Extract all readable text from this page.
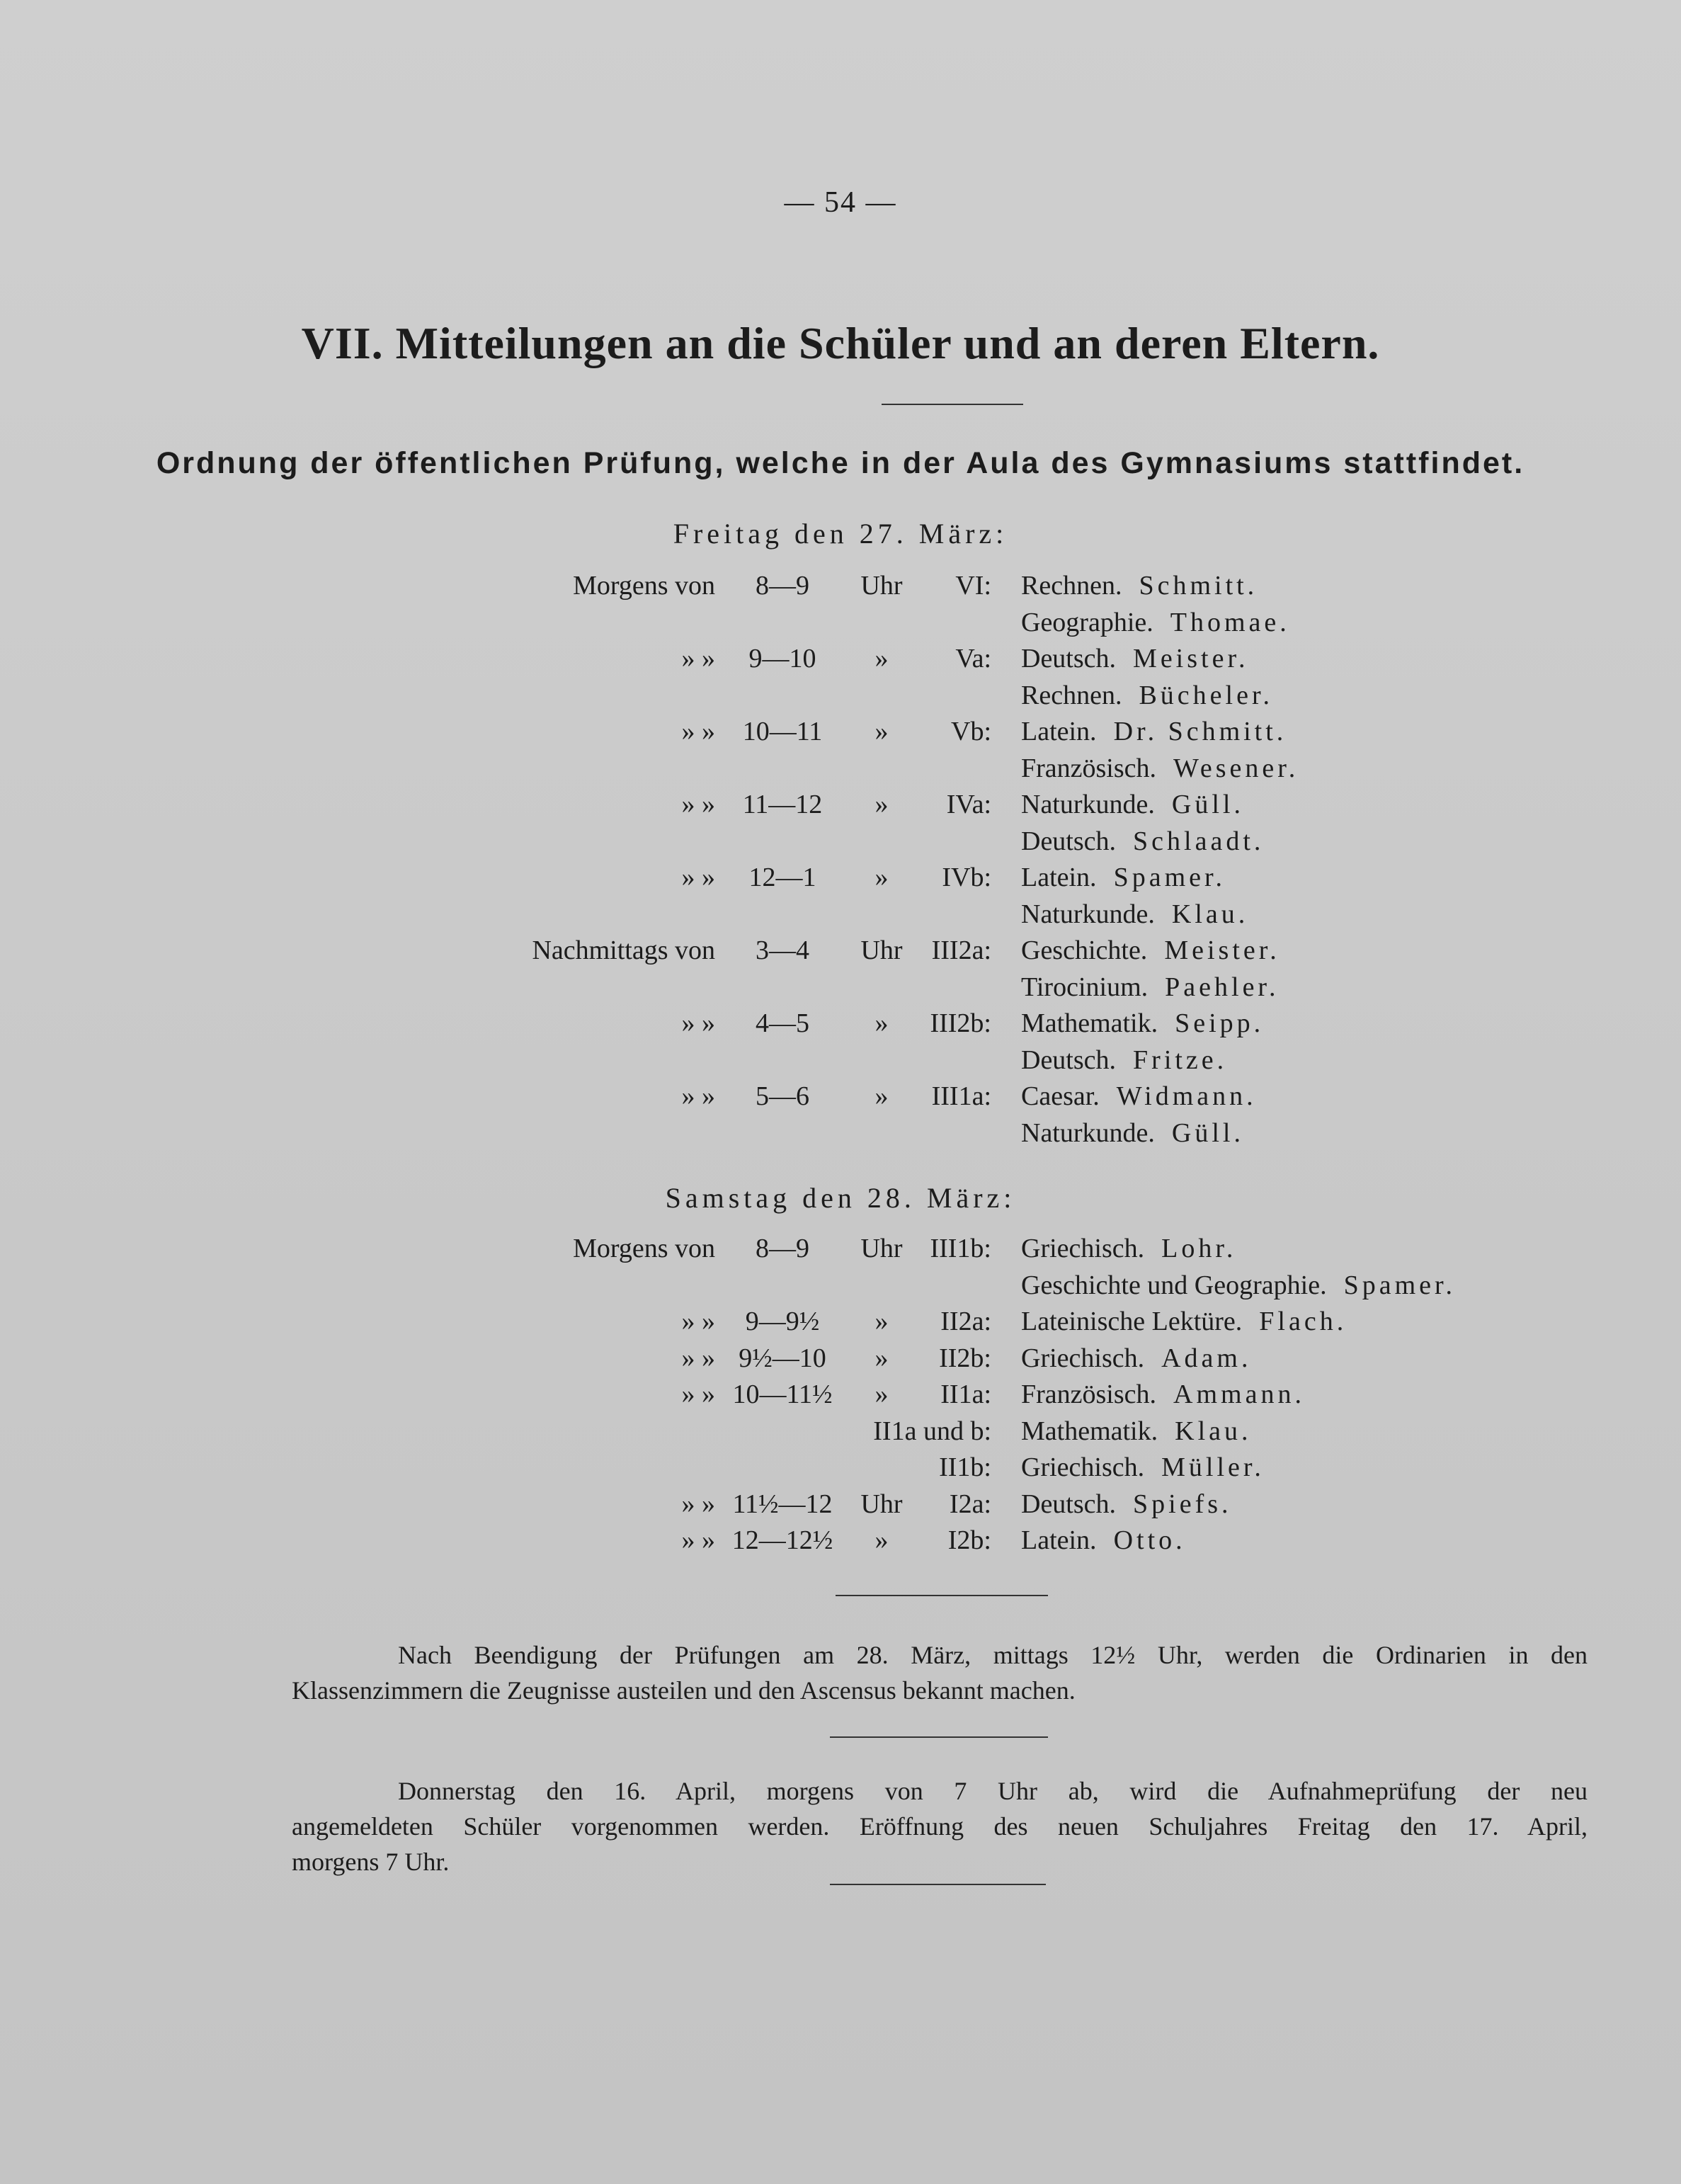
— 54 —
VII. Mitteilungen an die Schüler und an deren Eltern.
Ordnung der öffentlichen Prüfung, welche in der Aula des Gymnasiums stattfindet.
Freitag den 27. März:
Morgens von	8—9	Uhr	VI: Rechnen. Schmitt.
Geographie. Thomae.
» »	9—10	»	Va: Deutsch. Meister.
Rechnen. Bücheler.
» »	10—11	»	Vb: Latein. Dr. Schmitt.
Französisch. Wesener.
» »	11—12	»	IVa: Naturkunde. Güll.
Deutsch. Schlaadt.
» »	12—1	»	IVb: Latein. Spamer.
Naturkunde. Klau.
Nachmittags von	3—4	Uhr	III2a: Geschichte. Meister.
Tirocinium. Paehler.
» »	4—5	»	III2b: Mathematik. Seipp.
Deutsch. Fritze.
» »	5—6	»	III1a: Caesar. Widmann.
Naturkunde. Güll.
Samstag den 28. März:
Morgens von	8—9	Uhr	III1b: Griechisch. Lohr.
Geschichte und Geographie. Spamer.
» »	9—9½	»	II2a: Lateinische Lektüre. Flach.
» » 9½—10	»	II2b: Griechisch. Adam.
» » 10—11½	»	II1a: Französisch. Ammann.
II1a und b: Mathematik. Klau.
II1b: Griechisch. Müller.
» » 11½—12	Uhr	I2a: Deutsch. Spiefs.
» » 12—12½	»	I2b: Latein. Otto.
Nach Beendigung der Prüfungen am 28. März, mittags 12½ Uhr, werden die Ordinarien in den
Klassenzimmern die Zeugnisse austeilen und den Ascensus bekannt machen.
Donnerstag den 16. April, morgens von 7 Uhr ab, wird die Aufnahmeprüfung der neu
angemeldeten Schüler vorgenommen werden. Eröffnung des neuen Schuljahres Freitag den 17. April,
morgens 7 Uhr.
